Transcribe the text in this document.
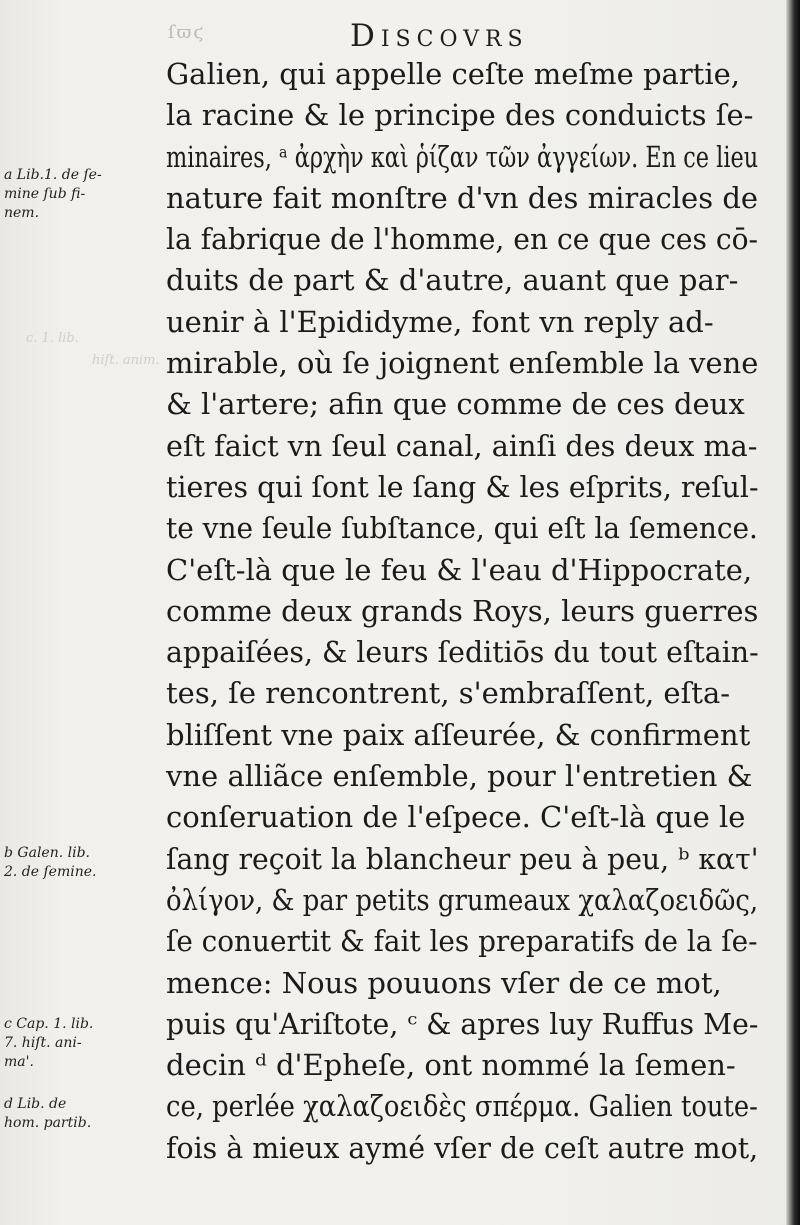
ſϖϛ	Discovrs
c. 1. lib.
hiſt. anim.
a Lib.1. de ſe-
mine ſub fi-
nem.
b Galen. lib.
2. de ſemine.
c Cap. 1. lib.
7. hiſt. ani-
ma'.
d Lib. de
hom. partib.
Galien, qui appelle ceſte meſme partie,
la racine & le principe des conduicts ſe-
minaires, ᵃ ἀρχὴν καὶ ῥίζαν τῶν ἀγγείων. En ce lieu
nature fait monſtre d'vn des miracles de
la fabrique de l'homme, en ce que ces cō-
duits de part & d'autre, auant que par-
uenir à l'Epididyme, font vn reply ad-
mirable, où ſe joignent enſemble la vene
& l'artere; afin que comme de ces deux
eſt faict vn ſeul canal, ainſi des deux ma-
tieres qui ſont le ſang & les eſprits, reſul-
te vne ſeule ſubſtance, qui eſt la ſemence.
C'eſt-là que le feu & l'eau d'Hippocrate,
comme deux grands Roys, leurs guerres
appaiſées, & leurs ſeditiōs du tout eſtain-
tes, ſe rencontrent, s'embraſſent, eſta-
bliſſent vne paix aſſeurée, & confirment
vne alliãce enſemble, pour l'entretien &
conſeruation de l'eſpece. C'eſt-là que le
ſang reçoit la blancheur peu à peu, ᵇ κατ'
ὀλίγον, & par petits grumeaux χαλαζοειδῶς,
ſe conuertit & fait les preparatifs de la ſe-
mence: Nous pouuons vſer de ce mot,
puis qu'Ariſtote, ᶜ & apres luy Ruffus Me-
decin ᵈ d'Epheſe, ont nommé la ſemen-
ce, perlée χαλαζοειδὲς σπέρμα. Galien toute-
fois à mieux aymé vſer de ceſt autre mot,
